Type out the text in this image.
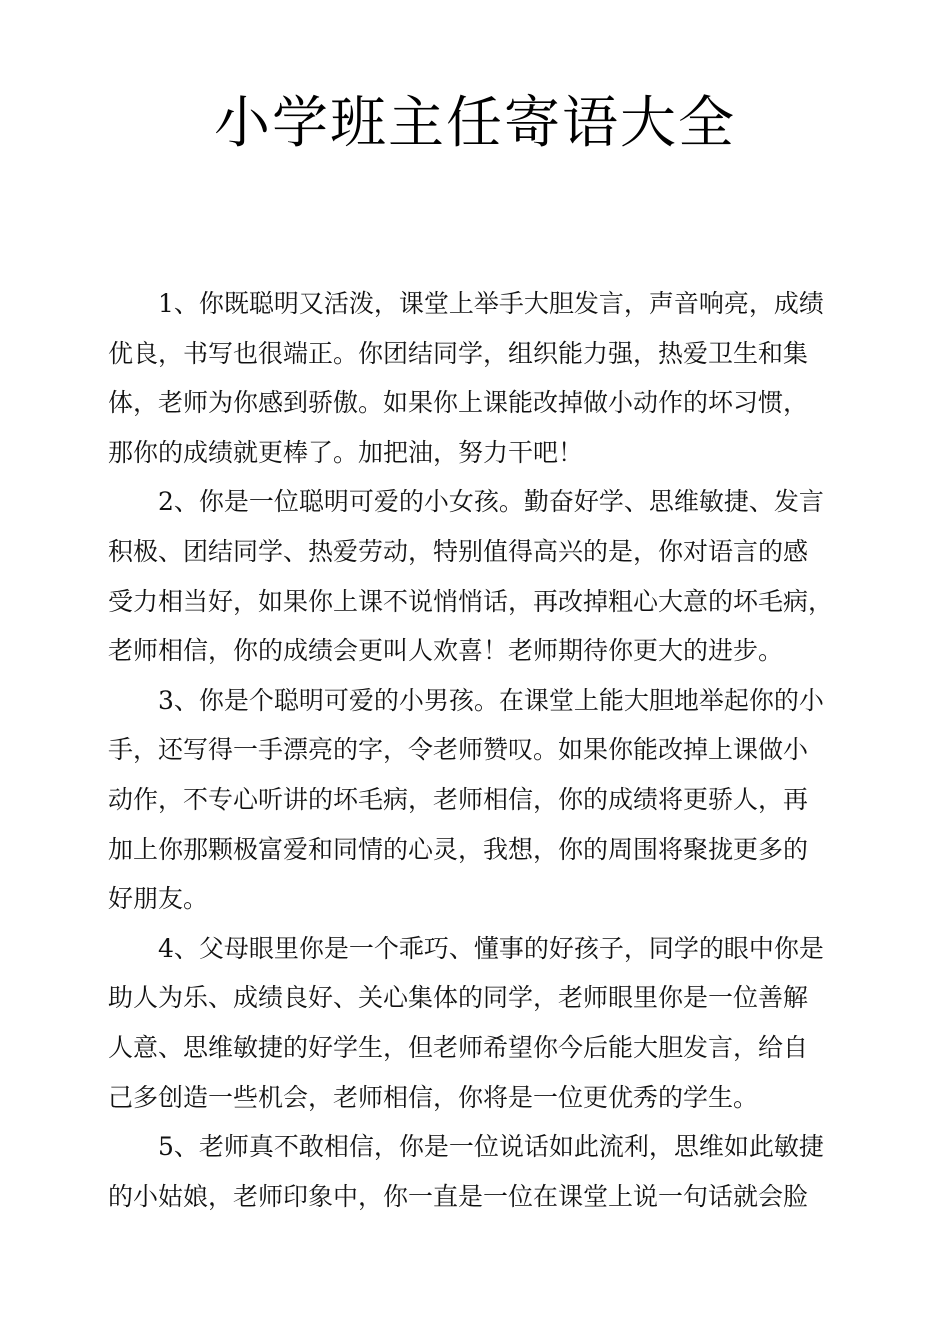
小学班主任寄语大全
1、你既聪明又活泼，课堂上举手大胆发言，声音响亮，成绩
优良，书写也很端正。你团结同学，组织能力强，热爱卫生和集
体，老师为你感到骄傲。如果你上课能改掉做小动作的坏习惯，
那你的成绩就更棒了。加把油，努力干吧！
2、你是一位聪明可爱的小女孩。勤奋好学、思维敏捷、发言
积极、团结同学、热爱劳动，特别值得高兴的是，你对语言的感
受力相当好，如果你上课不说悄悄话，再改掉粗心大意的坏毛病，
老师相信，你的成绩会更叫人欢喜！老师期待你更大的进步。
3、你是个聪明可爱的小男孩。在课堂上能大胆地举起你的小
手，还写得一手漂亮的字，令老师赞叹。如果你能改掉上课做小
动作，不专心听讲的坏毛病，老师相信，你的成绩将更骄人，再
加上你那颗极富爱和同情的心灵，我想，你的周围将聚拢更多的
好朋友。
4、父母眼里你是一个乖巧、懂事的好孩子，同学的眼中你是
助人为乐、成绩良好、关心集体的同学，老师眼里你是一位善解
人意、思维敏捷的好学生，但老师希望你今后能大胆发言，给自
己多创造一些机会，老师相信，你将是一位更优秀的学生。
5、老师真不敢相信，你是一位说话如此流利，思维如此敏捷
的小姑娘，老师印象中，你一直是一位在课堂上说一句话就会脸
